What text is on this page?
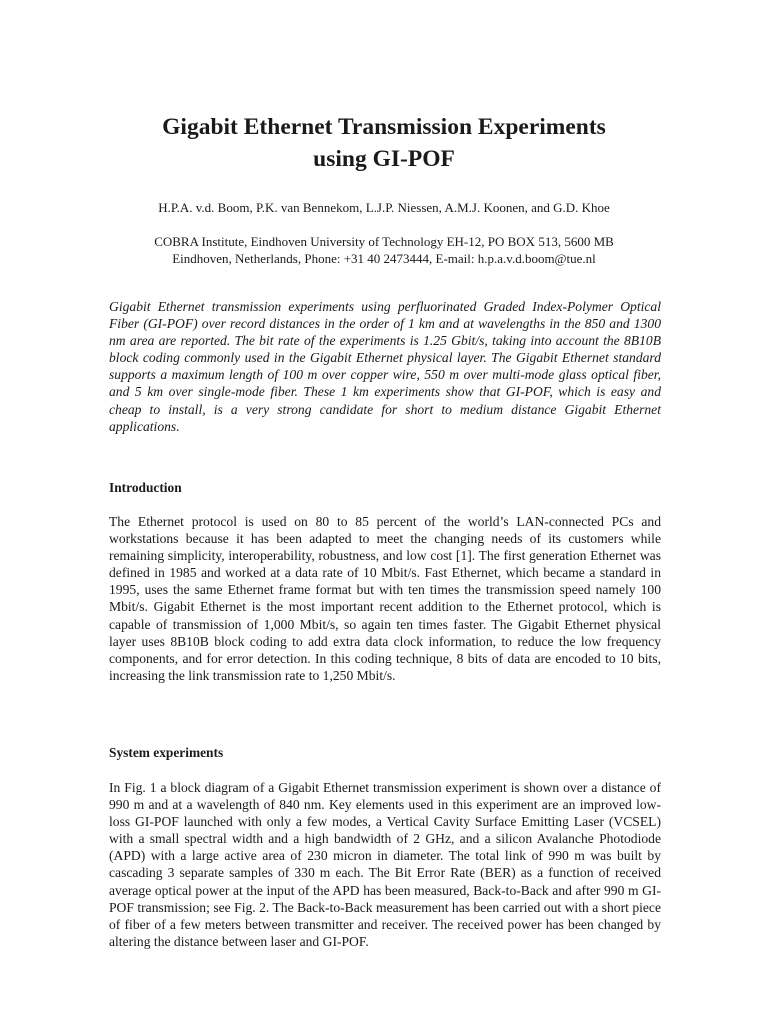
Gigabit Ethernet Transmission Experiments
using GI-POF

H.P.A. v.d. Boom, P.K. van Bennekom, L.J.P. Niessen, A.M.J. Koonen, and G.D. Khoe

COBRA Institute, Eindhoven University of Technology EH-12, PO BOX 513, 5600 MB
Eindhoven, Netherlands, Phone: +31 40 2473444, E-mail: h.p.a.v.d.boom@tue.nl

Gigabit Ethernet transmission experiments using perfluorinated Graded Index-Polymer Optical Fiber (GI-POF) over record distances in the order of 1 km and at wavelengths in the 850 and 1300 nm area are reported. The bit rate of the experiments is 1.25 Gbit/s, taking into account the 8B10B block coding commonly used in the Gigabit Ethernet physical layer. The Gigabit Ethernet standard supports a maximum length of 100 m over copper wire, 550 m over multi-mode glass optical fiber, and 5 km over single-mode fiber. These 1 km experiments show that GI-POF, which is easy and cheap to install, is a very strong candidate for short to medium distance Gigabit Ethernet applications.

Introduction

The Ethernet protocol is used on 80 to 85 percent of the world’s LAN-connected PCs and workstations because it has been adapted to meet the changing needs of its customers while remaining simplicity, interoperability, robustness, and low cost [1]. The first generation Ethernet was defined in 1985 and worked at a data rate of 10 Mbit/s. Fast Ethernet, which became a standard in 1995, uses the same Ethernet frame format but with ten times the transmission speed namely 100 Mbit/s. Gigabit Ethernet is the most important recent addition to the Ethernet protocol, which is capable of transmission of 1,000 Mbit/s, so again ten times faster. The Gigabit Ethernet physical layer uses 8B10B block coding to add extra data clock information, to reduce the low frequency components, and for error detection. In this coding technique, 8 bits of data are encoded to 10 bits, increasing the link transmission rate to 1,250 Mbit/s.

System experiments

In Fig. 1 a block diagram of a Gigabit Ethernet transmission experiment is shown over a distance of 990 m and at a wavelength of 840 nm. Key elements used in this experiment are an improved low-loss GI-POF launched with only a few modes, a Vertical Cavity Surface Emitting Laser (VCSEL) with a small spectral width and a high bandwidth of 2 GHz, and a silicon Avalanche Photodiode (APD) with a large active area of 230 micron in diameter. The total link of 990 m was built by cascading 3 separate samples of 330 m each. The Bit Error Rate (BER) as a function of received average optical power at the input of the APD has been measured, Back-to-Back and after 990 m GI-POF transmission; see Fig. 2. The Back-to-Back measurement has been carried out with a short piece of fiber of a few meters between transmitter and receiver. The received power has been changed by altering the distance between laser and GI-POF.
